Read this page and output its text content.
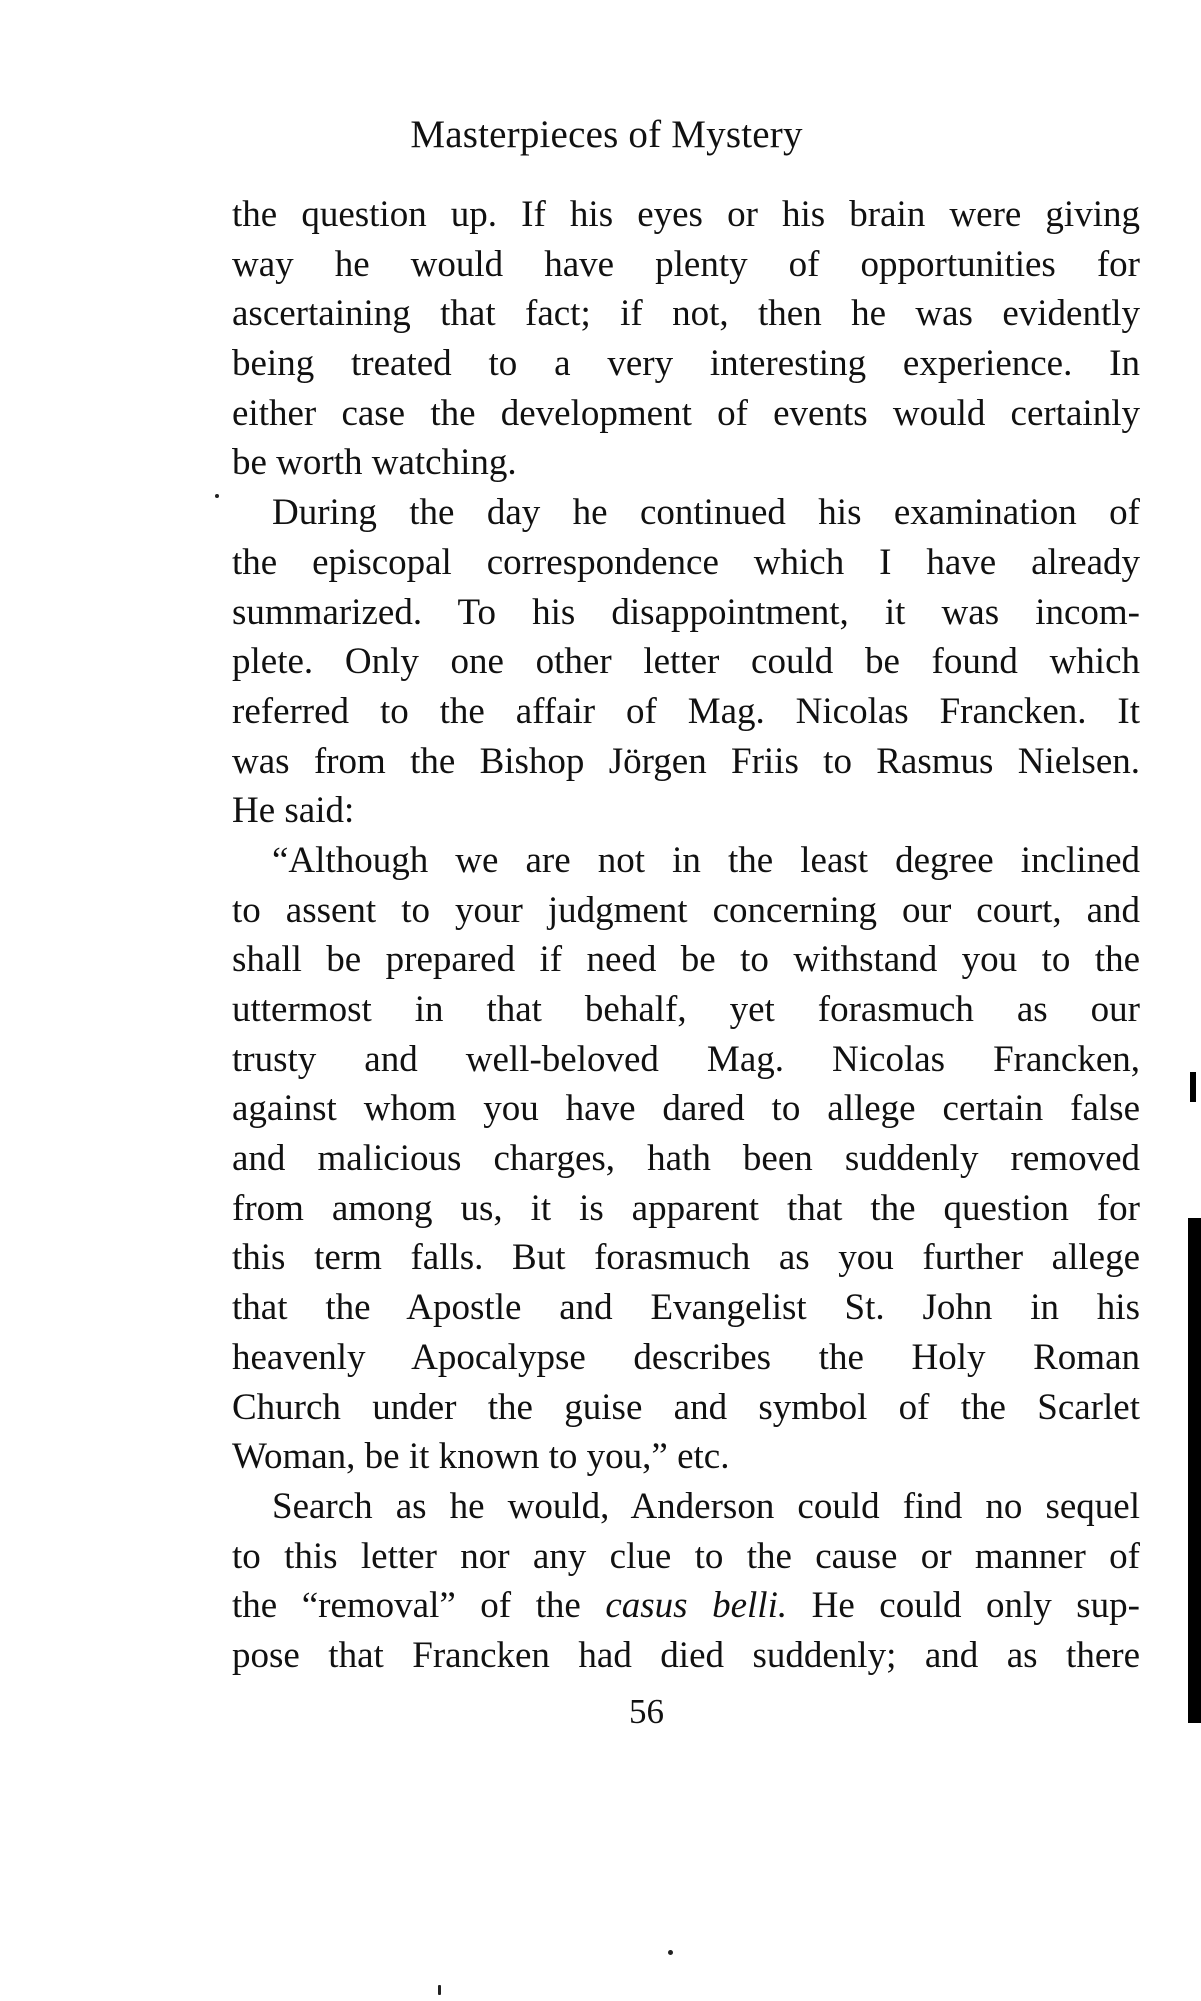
Masterpieces of Mystery
the question up. If his eyes or his brain were giving
way he would have plenty of opportunities for
ascertaining that fact; if not, then he was evidently
being treated to a very interesting experience. In
either case the development of events would certainly
be worth watching.
During the day he continued his examination of
the episcopal correspondence which I have already
summarized. To his disappointment, it was incom-
plete. Only one other letter could be found which
referred to the affair of Mag. Nicolas Francken. It
was from the Bishop Jörgen Friis to Rasmus Nielsen.
He said:
“Although we are not in the least degree inclined
to assent to your judgment concerning our court, and
shall be prepared if need be to withstand you to the
uttermost in that behalf, yet forasmuch as our
trusty and well-beloved Mag. Nicolas Francken,
against whom you have dared to allege certain false
and malicious charges, hath been suddenly removed
from among us, it is apparent that the question for
this term falls. But forasmuch as you further allege
that the Apostle and Evangelist St. John in his
heavenly Apocalypse describes the Holy Roman
Church under the guise and symbol of the Scarlet
Woman, be it known to you,” etc.
Search as he would, Anderson could find no sequel
to this letter nor any clue to the cause or manner of
the “removal” of the casus belli. He could only sup-
pose that Francken had died suddenly; and as there
56
